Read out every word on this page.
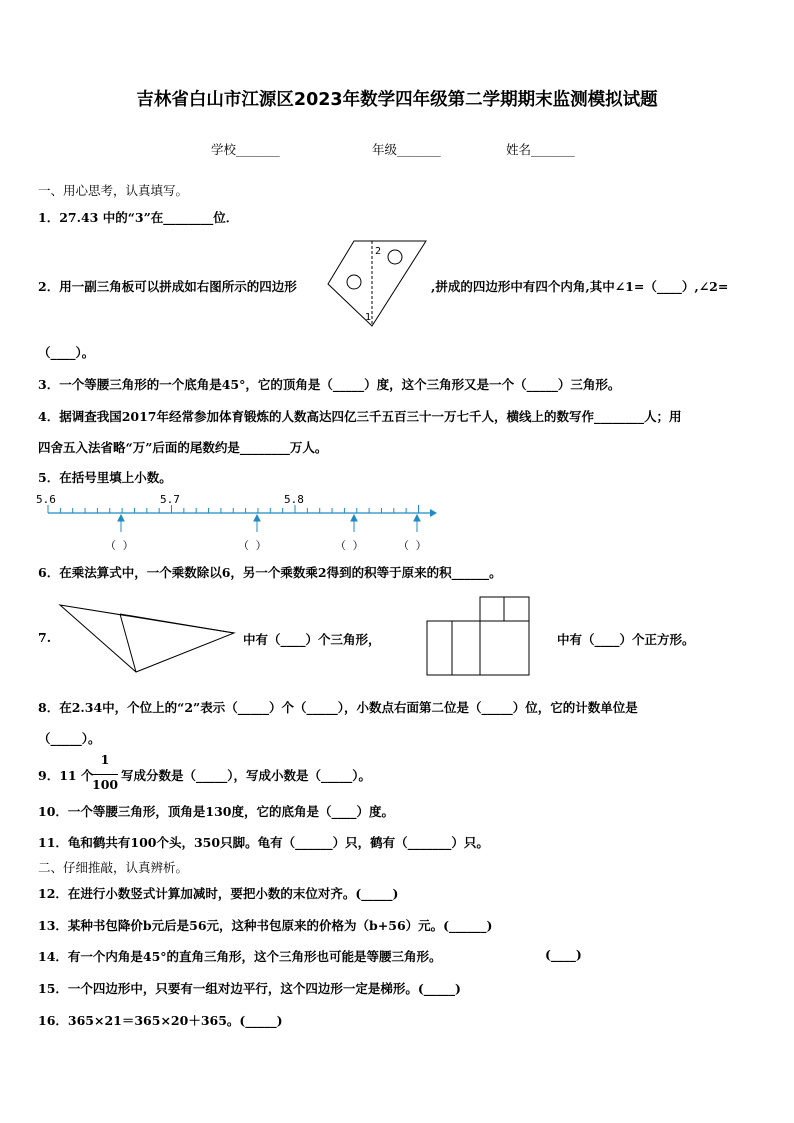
吉林省白山市江源区2023年数学四年级第二学期期末监测模拟试题
学校_______	年级_______	姓名_______
一、用心思考，认真填写。
1．27.43 中的“3”在________位．
2．用一副三角板可以拼成如右图所示的四边形
2
1
,拼成的四边形中有四个内角,其中∠1=（____）,∠2=
（____）。
3．一个等腰三角形的一个底角是45°，它的顶角是（_____）度，这个三角形又是一个（_____）三角形。
4．据调查我国2017年经常参加体育锻炼的人数高达四亿三千五百三十一万七千人，横线上的数写作________人；用
四舍五入法省略“万”后面的尾数约是________万人。
5．在括号里填上小数。
5.6	5.7	5.8
（ ）	（ ）	（ ）	（ ）
6．在乘法算式中，一个乘数除以6，另一个乘数乘2得到的积等于原来的积______。
7.	中有（____）个三角形，	中有（____）个正方形。
8．在2.34中，个位上的“2”表示（_____）个（_____），小数点右面第二位是（_____）位，它的计数单位是
（_____）。
9．11 个
1
100
写成分数是（_____），写成小数是（_____）。
10．一个等腰三角形，顶角是130度，它的底角是（____）度。
11．龟和鹤共有100个头，350只脚。龟有（______）只，鹤有（_______）只。
二、仔细推敲，认真辨析。
12．在进行小数竖式计算加减时，要把小数的末位对齐。(_____)
13．某种书包降价b元后是56元，这种书包原来的价格为（b+56）元。(______)
14．有一个内角是45°的直角三角形，这个三角形也可能是等腰三角形。	(____)
15．一个四边形中，只要有一组对边平行，这个四边形一定是梯形。(_____)
16．365×21＝365×20＋365。(_____)
